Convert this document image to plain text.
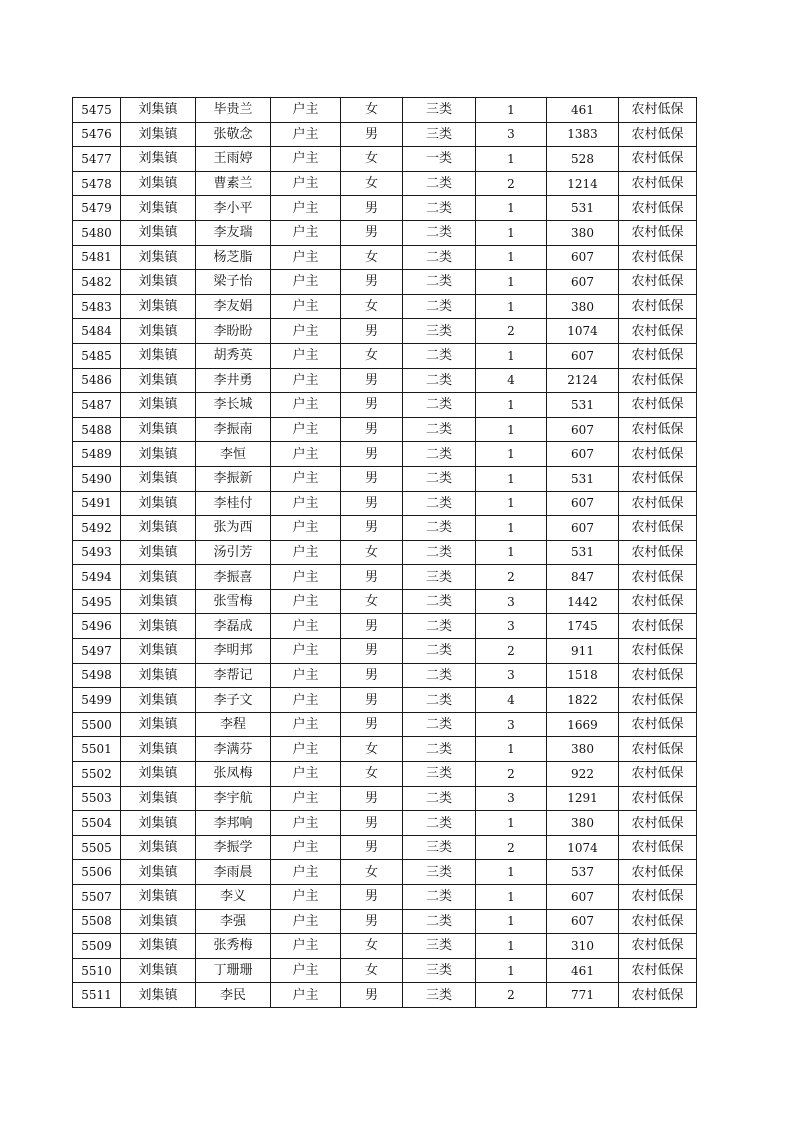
5475	刘集镇	毕贵兰	户主	女	三类	1	461	农村低保
5476	刘集镇	张敬念	户主	男	三类	3	1383	农村低保
5477	刘集镇	王雨婷	户主	女	一类	1	528	农村低保
5478	刘集镇	曹素兰	户主	女	二类	2	1214	农村低保
5479	刘集镇	李小平	户主	男	二类	1	531	农村低保
5480	刘集镇	李友瑞	户主	男	二类	1	380	农村低保
5481	刘集镇	杨芝脂	户主	女	二类	1	607	农村低保
5482	刘集镇	梁子怡	户主	男	二类	1	607	农村低保
5483	刘集镇	李友娟	户主	女	二类	1	380	农村低保
5484	刘集镇	李盼盼	户主	男	三类	2	1074	农村低保
5485	刘集镇	胡秀英	户主	女	二类	1	607	农村低保
5486	刘集镇	李井勇	户主	男	二类	4	2124	农村低保
5487	刘集镇	李长城	户主	男	二类	1	531	农村低保
5488	刘集镇	李振南	户主	男	二类	1	607	农村低保
5489	刘集镇	李恒	户主	男	二类	1	607	农村低保
5490	刘集镇	李振新	户主	男	二类	1	531	农村低保
5491	刘集镇	李桂付	户主	男	二类	1	607	农村低保
5492	刘集镇	张为西	户主	男	二类	1	607	农村低保
5493	刘集镇	汤引芳	户主	女	二类	1	531	农村低保
5494	刘集镇	李振喜	户主	男	三类	2	847	农村低保
5495	刘集镇	张雪梅	户主	女	二类	3	1442	农村低保
5496	刘集镇	李磊成	户主	男	二类	3	1745	农村低保
5497	刘集镇	李明邦	户主	男	二类	2	911	农村低保
5498	刘集镇	李帮记	户主	男	二类	3	1518	农村低保
5499	刘集镇	李子文	户主	男	二类	4	1822	农村低保
5500	刘集镇	李程	户主	男	二类	3	1669	农村低保
5501	刘集镇	李满芬	户主	女	二类	1	380	农村低保
5502	刘集镇	张凤梅	户主	女	三类	2	922	农村低保
5503	刘集镇	李宇航	户主	男	二类	3	1291	农村低保
5504	刘集镇	李邦响	户主	男	二类	1	380	农村低保
5505	刘集镇	李振学	户主	男	三类	2	1074	农村低保
5506	刘集镇	李雨晨	户主	女	三类	1	537	农村低保
5507	刘集镇	李义	户主	男	二类	1	607	农村低保
5508	刘集镇	李强	户主	男	二类	1	607	农村低保
5509	刘集镇	张秀梅	户主	女	三类	1	310	农村低保
5510	刘集镇	丁珊珊	户主	女	三类	1	461	农村低保
5511	刘集镇	李民	户主	男	三类	2	771	农村低保
